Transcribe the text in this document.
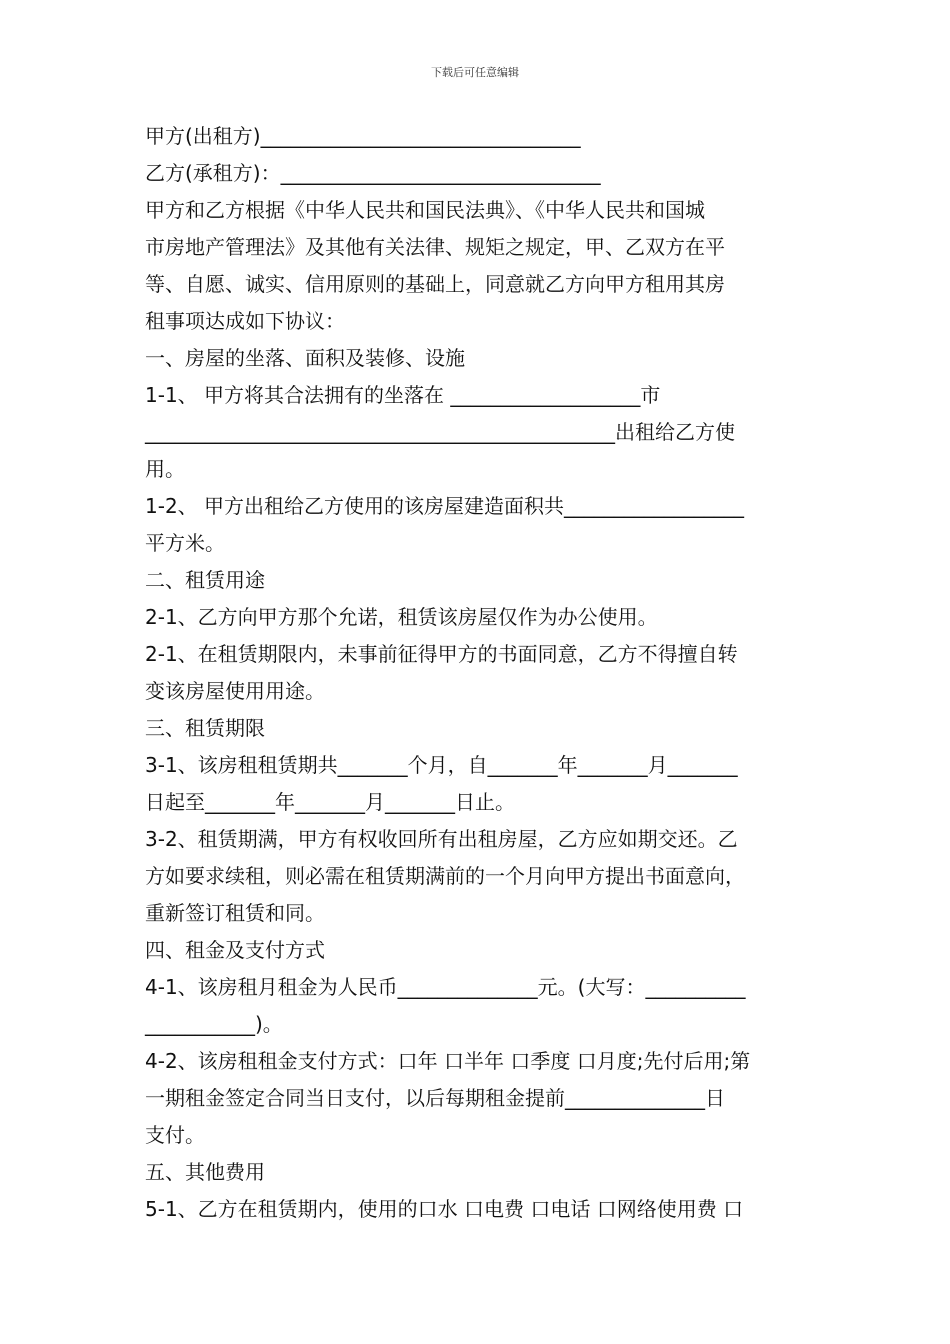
下载后可任意编辑
甲方(出租方)________________________________
乙方(承租方)：________________________________
甲方和乙方根据《中华人民共和国民法典》、《中华人民共和国城
市房地产管理法》及其他有关法律、规矩之规定，甲、乙双方在平
等、自愿、诚实、信用原则的基础上，同意就乙方向甲方租用其房
租事项达成如下协议：
一、房屋的坐落、面积及装修、设施
1-1、 甲方将其合法拥有的坐落在 ___________________市
_______________________________________________出租给乙方使
用。
1-2、 甲方出租给乙方使用的该房屋建造面积共__________________
平方米。
二、租赁用途
2-1、乙方向甲方那个允诺，租赁该房屋仅作为办公使用。
2-1、在租赁期限内，未事前征得甲方的书面同意，乙方不得擅自转
变该房屋使用用途。
三、租赁期限
3-1、该房租租赁期共_______个月，自_______年_______月_______
日起至_______年_______月_______日止。
3-2、租赁期满，甲方有权收回所有出租房屋，乙方应如期交还。乙
方如要求续租，则必需在租赁期满前的一个月向甲方提出书面意向，
重新签订租赁和同。
四、租金及支付方式
4-1、该房租月租金为人民币______________元。(大写：__________
___________)。
4-2、该房租租金支付方式：口年 口半年 口季度 口月度;先付后用;第
一期租金签定合同当日支付，以后每期租金提前______________日
支付。
五、其他费用
5-1、乙方在租赁期内，使用的口水 口电费 口电话 口网络使用费 口
